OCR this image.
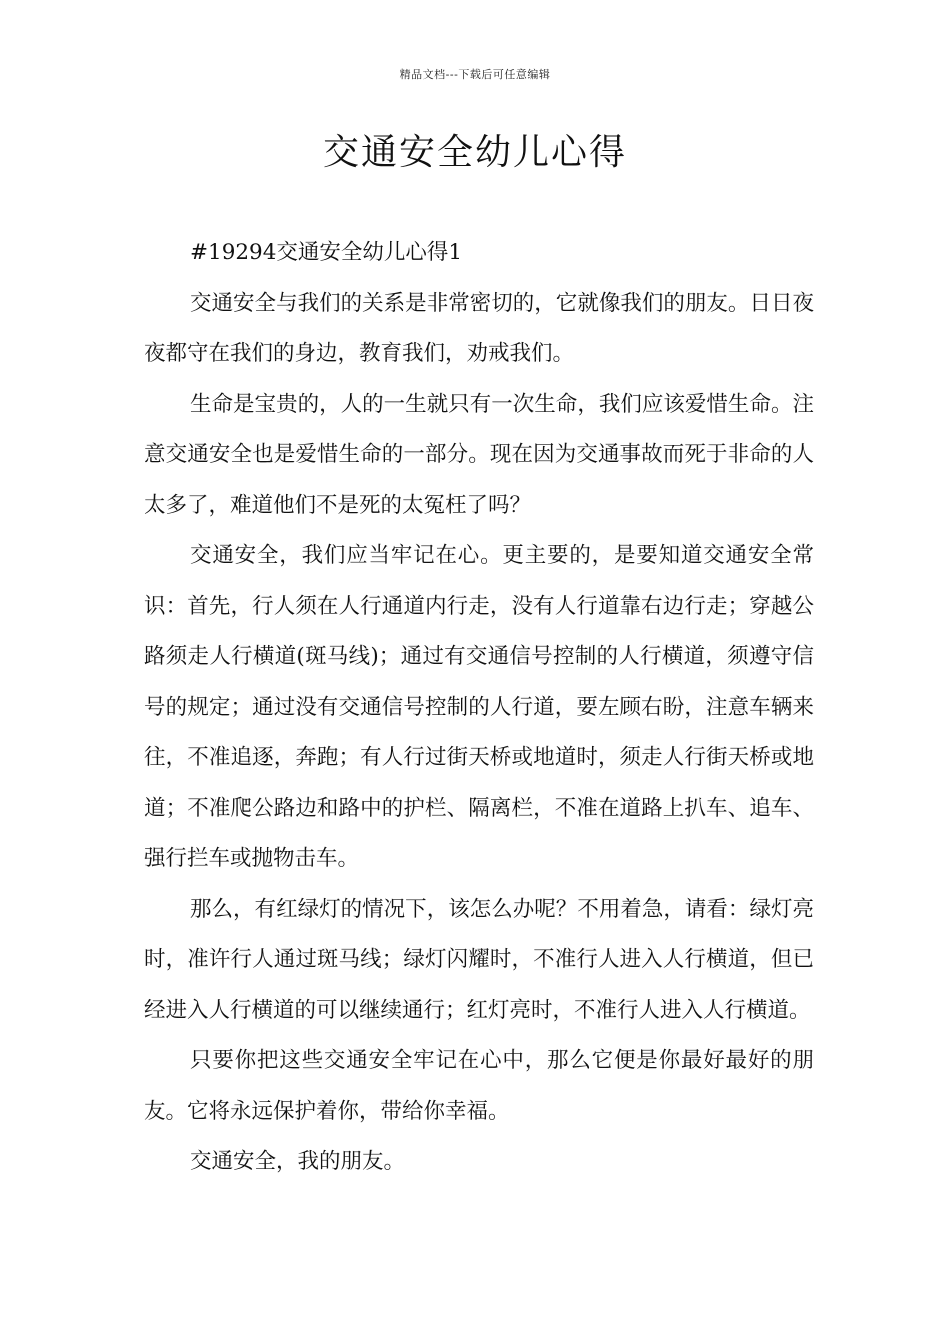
精品文档---下载后可任意编辑
交通安全幼儿心得

#19294交通安全幼儿心得1

交通安全与我们的关系是非常密切的，它就像我们的朋友。日日夜夜都守在我们的身边，教育我们，劝戒我们。

生命是宝贵的，人的一生就只有一次生命，我们应该爱惜生命。注意交通安全也是爱惜生命的一部分。现在因为交通事故而死于非命的人太多了，难道他们不是死的太冤枉了吗？

交通安全，我们应当牢记在心。更主要的，是要知道交通安全常识：首先，行人须在人行通道内行走，没有人行道靠右边行走；穿越公路须走人行横道(斑马线)；通过有交通信号控制的人行横道，须遵守信号的规定；通过没有交通信号控制的人行道，要左顾右盼，注意车辆来往，不准追逐，奔跑；有人行过街天桥或地道时，须走人行街天桥或地道；不准爬公路边和路中的护栏、隔离栏，不准在道路上扒车、追车、强行拦车或抛物击车。

那么，有红绿灯的情况下，该怎么办呢？不用着急，请看：绿灯亮时，准许行人通过斑马线；绿灯闪耀时，不准行人进入人行横道，但已经进入人行横道的可以继续通行；红灯亮时，不准行人进入人行横道。

只要你把这些交通安全牢记在心中，那么它便是你最好最好的朋友。它将永远保护着你，带给你幸福。

交通安全，我的朋友。
